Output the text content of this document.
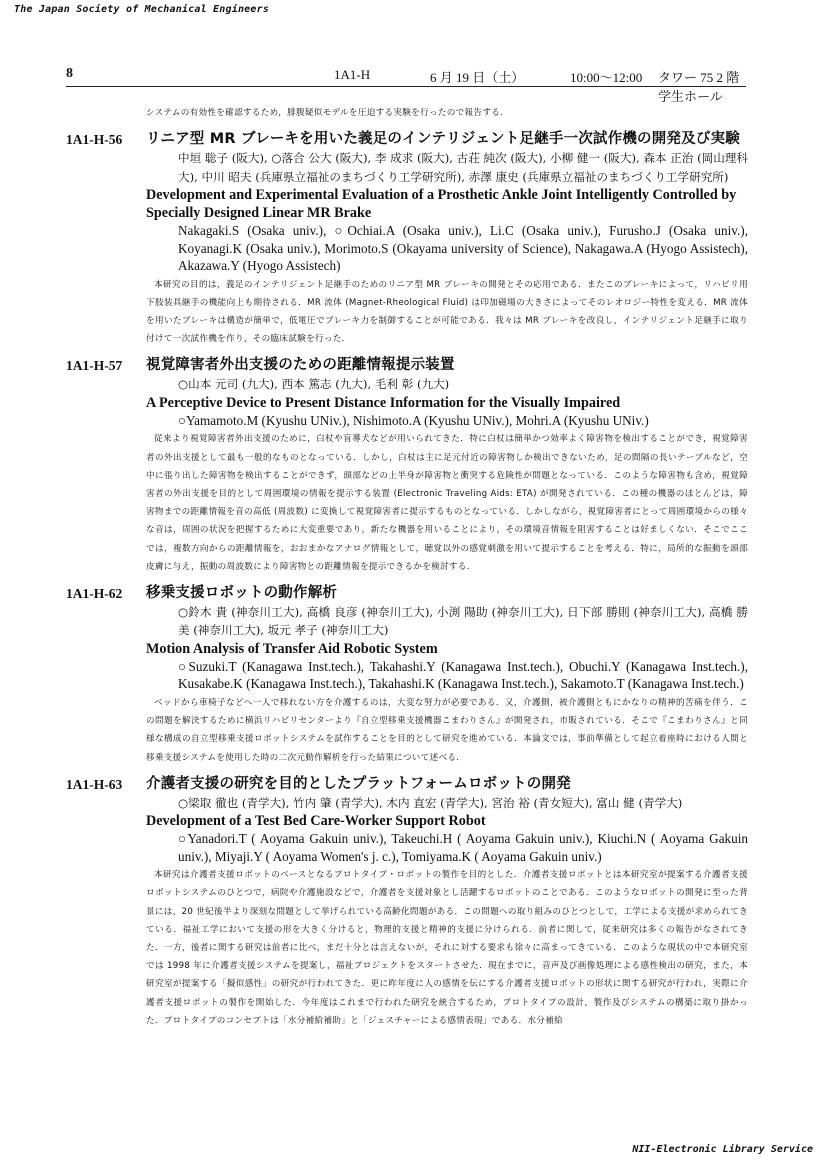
The Japan Society of Mechanical Engineers
8	1A1-H	6 月 19 日（土）	10:00〜12:00 タワー 75 2 階 学生ホール
システムの有効性を確認するため，腓腹疑似モデルを圧迫する実験を行ったので報告する．
1A1-H-56 リニア型 MR ブレーキを用いた義足のインテリジェント足継手一次試作機の開発及び実験
中垣 聡子 (阪大), ○落合 公大 (阪大), 李 成求 (阪大), 古荘 純次 (阪大), 小柳 健一 (阪大), 森本 正治 (岡山理科大), 中川 昭夫 (兵庫県立福祉のまちづくり工学研究所), 赤澤 康史 (兵庫県立福祉のまちづくり工学研究所)
Development and Experimental Evaluation of a Prosthetic Ankle Joint Intelligently Controlled by Specially Designed Linear MR Brake
Nakagaki.S (Osaka univ.), ○Ochiai.A (Osaka univ.), Li.C (Osaka univ.), Furusho.J (Osaka univ.), Koyanagi.K (Osaka univ.), Morimoto.S (Okayama university of Science), Nakagawa.A (Hyogo Assistech), Akazawa.Y (Hyogo Assistech)
本研究の目的は，義足のインテリジェント足継手のためのリニア型 MR ブレーキの開発とその応用である．またこのブレーキによって，リハビリ用下肢装具継手の機能向上も期待される．MR 流体 (Magnet-Rheological Fluid) は印加磁場の大きさによってそのレオロジー特性を変える．MR 流体を用いたブレーキは構造が簡単で，低電圧でブレーキ力を制御することが可能である．我々は MR ブレーキを改良し，インテリジェント足継手に取り付けて一次試作機を作り，その臨床試験を行った．
1A1-H-57 視覚障害者外出支援のための距離情報提示装置
○山本 元司 (九大), 西本 篤志 (九大), 毛利 彰 (九大)
A Perceptive Device to Present Distance Information for the Visually Impaired
○Yamamoto.M (Kyushu UNiv.), Nishimoto.A (Kyushu UNiv.), Mohri.A (Kyushu UNiv.)
従来より視覚障害者外出支援のために，白杖や盲導犬などが用いられてきた．特に白杖は簡単かつ効率よく障害物を検出することができ，視覚障害者の外出支援として最も一般的なものとなっている．しかし，白杖は主に足元付近の障害物しか検出できないため，足の間隔の長いテーブルなど，空中に張り出した障害物を検出することができず，頭部などの上半身が障害物と衝突する危険性が問題となっている．このような障害物も含め，視覚障害者の外出支援を目的として周囲環境の情報を提示する装置 (Electronic Traveling Aids: ETA) が開発されている．この種の機器のほとんどは，障害物までの距離情報を音の高低 (周波数) に変換して視覚障害者に提示するものとなっている．しかしながら，視覚障害者にとって周囲環境からの様々な音は，周囲の状況を把握するために大変重要であり，新たな機器を用いることにより，その環境音情報を阻害することは好ましくない．そこでここでは，複数方向からの距離情報を，おおまかなアナログ情報として，聴覚以外の感覚刺激を用いて提示することを考える．特に，局所的な振動を頭部皮膚に与え，振動の周波数により障害物との距離情報を提示できるかを検討する．
1A1-H-62 移乗支援ロボットの動作解析
○鈴木 貴 (神奈川工大), 高橋 良彦 (神奈川工大), 小渕 陽助 (神奈川工大), 日下部 勝則 (神奈川工大), 高橋 勝美 (神奈川工大), 坂元 孝子 (神奈川工大)
Motion Analysis of Transfer Aid Robotic System
○Suzuki.T (Kanagawa Inst.tech.), Takahashi.Y (Kanagawa Inst.tech.), Obuchi.Y (Kanagawa Inst.tech.), Kusakabe.K (Kanagawa Inst.tech.), Takahashi.K (Kanagawa Inst.tech.), Sakamoto.T (Kanagawa Inst.tech.)
ベッドから車椅子などへ一人で移れない方を介護するのは，大変な努力が必要である．又，介護側，被介護側ともにかなりの精神的苦痛を伴う．この問題を解決するために横浜リハビリセンターより『自立型移乗支援機器こまわりさん』が開発され，市販されている．そこで『こまわりさん』と同様な構成の自立型移乗支援ロボットシステムを試作することを目的として研究を進めている．本論文では，事前準備として起立着座時における人間と移乗支援システムを使用した時の二次元動作解析を行った結果について述べる．
1A1-H-63 介護者支援の研究を目的としたプラットフォームロボットの開発
○梁取 徹也 (青学大), 竹内 肇 (青学大), 木内 直宏 (青学大), 宮治 裕 (青女短大), 富山 健 (青学大)
Development of a Test Bed Care-Worker Support Robot
○Yanadori.T ( Aoyama Gakuin univ.), Takeuchi.H ( Aoyama Gakuin univ.), Kiuchi.N ( Aoyama Gakuin univ.), Miyaji.Y ( Aoyama Women's j. c.), Tomiyama.K ( Aoyama Gakuin univ.)
本研究は介護者支援ロボットのベースとなるプロトタイプ・ロボットの製作を目的とした．介護者支援ロボットとは本研究室が提案する介護者支援ロボットシステムのひとつで，病院や介護施設などで，介護者を支援対象とし活躍するロボットのことである．このようなロボットの開発に至った背景には，20 世紀後半より深刻な問題として挙げられている高齢化問題がある．この問題への取り組みのひとつとして，工学による支援が求められてきている．福祉工学において支援の形を大きく分けると，物理的支援と精神的支援に分けられる．前者に関して，従来研究は多くの報告がなされてきた．一方，後者に関する研究は前者に比べ，まだ十分とは言えないが，それに対する要求も徐々に高まってきている．このような現状の中で本研究室では 1998 年に介護者支援システムを提案し，福祉プロジェクトをスタートさせた．現在までに，音声及び画像処理による感性検出の研究，また，本研究室が提案する「擬似感性」の研究が行われてきた．更に昨年度に人の感情を伝にする介護者支援ロボットの形状に関する研究が行われ，実際に介護者支援ロボットの製作を開始した．今年度はこれまで行われた研究を統合するため，プロトタイプの設計，製作及びシステムの構築に取り掛かった．プロトタイプのコンセプトは「水分補給補助」と「ジェスチャーによる感情表現」である．水分補給
NII-Electronic Library Service
